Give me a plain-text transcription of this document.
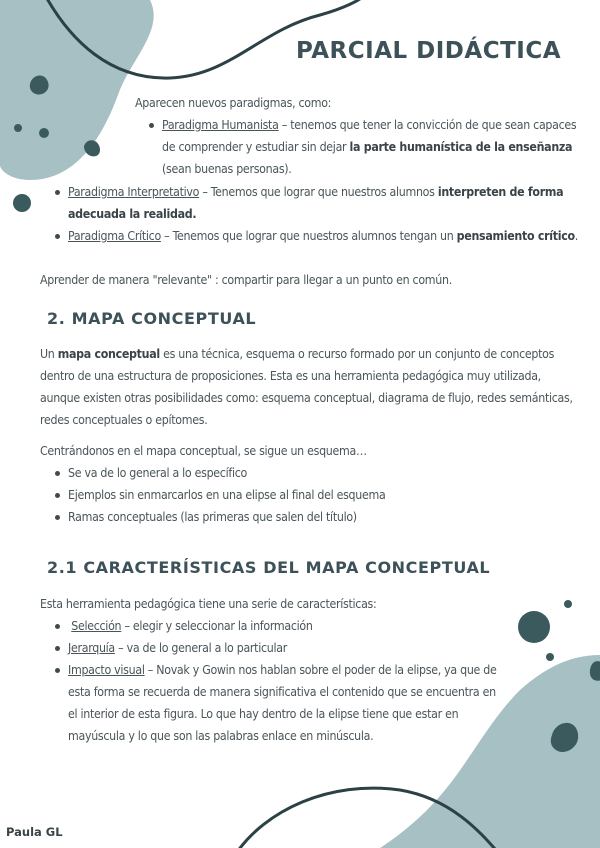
PARCIAL DIDÁCTICA
Aparecen nuevos paradigmas, como:
Paradigma Humanista – tenemos que tener la convicción de que sean capaces de comprender y estudiar sin dejar la parte humanística de la enseñanza (sean buenas personas).
Paradigma Interpretativo – Tenemos que lograr que nuestros alumnos interpreten de forma adecuada la realidad.
Paradigma Crítico – Tenemos que lograr que nuestros alumnos tengan un pensamiento crítico.
Aprender de manera "relevante" : compartir para llegar a un punto en común.
2. MAPA CONCEPTUAL
Un mapa conceptual es una técnica, esquema o recurso formado por un conjunto de conceptos dentro de una estructura de proposiciones. Esta es una herramienta pedagógica muy utilizada, aunque existen otras posibilidades como: esquema conceptual, diagrama de flujo, redes semánticas, redes conceptuales o epítomes.
Centrándonos en el mapa conceptual, se sigue un esquema…
Se va de lo general a lo específico
Ejemplos sin enmarcarlos en una elipse al final del esquema
Ramas conceptuales (las primeras que salen del título)
2.1 CARACTERÍSTICAS DEL MAPA CONCEPTUAL
Esta herramienta pedagógica tiene una serie de características:
Selección – elegir y seleccionar la información
Jerarquía – va de lo general a lo particular
Impacto visual – Novak y Gowin nos hablan sobre el poder de la elipse, ya que de esta forma se recuerda de manera significativa el contenido que se encuentra en el interior de esta figura. Lo que hay dentro de la elipse tiene que estar en mayúscula y lo que son las palabras enlace en minúscula.
Paula GL
